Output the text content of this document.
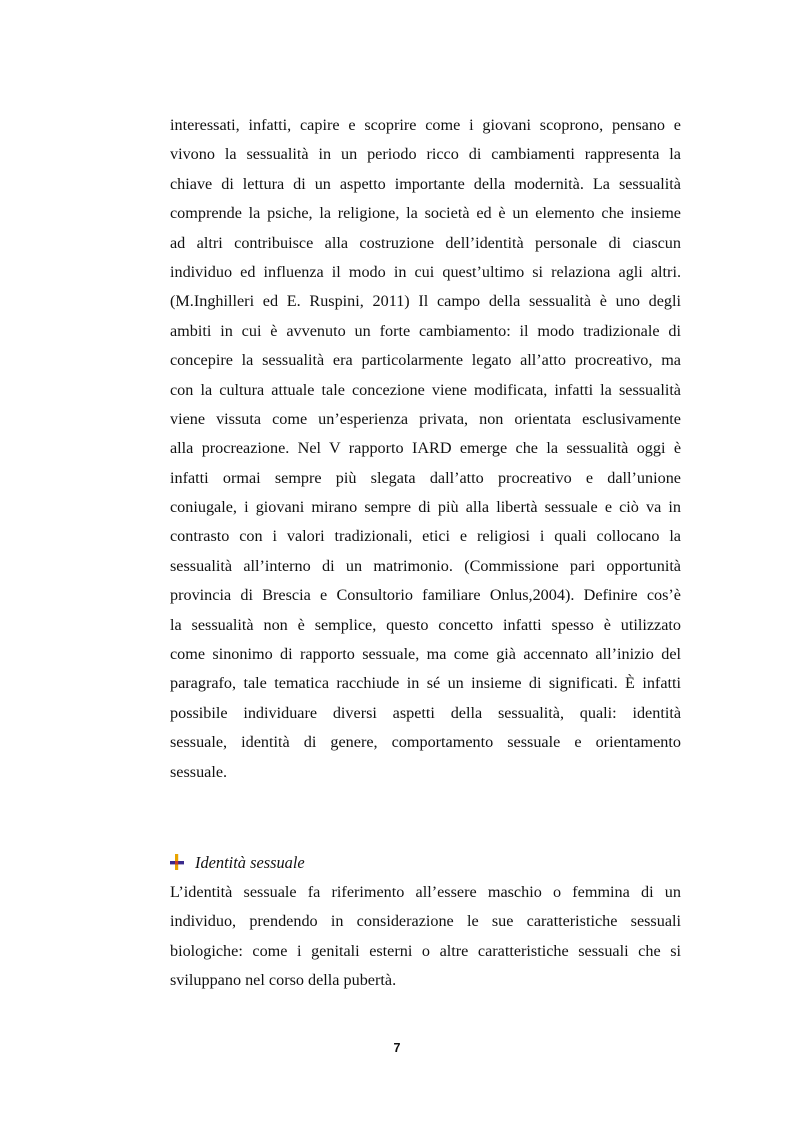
interessati, infatti, capire e scoprire come i giovani scoprono, pensano e
vivono la sessualità in un periodo ricco di cambiamenti rappresenta la
chiave di lettura di un aspetto importante della modernità. La sessualità
comprende la psiche, la religione, la società ed è un elemento che insieme
ad altri contribuisce alla costruzione dell’identità personale di ciascun
individuo ed influenza il modo in cui quest’ultimo si relaziona agli altri.
(M.Inghilleri ed E. Ruspini, 2011) Il campo della sessualità è uno degli
ambiti in cui è avvenuto un forte cambiamento: il modo tradizionale di
concepire la sessualità era particolarmente legato all’atto procreativo, ma
con la cultura attuale tale concezione viene modificata, infatti la sessualità
viene vissuta come un’esperienza privata, non orientata esclusivamente
alla procreazione. Nel V rapporto IARD emerge che la sessualità oggi è
infatti ormai sempre più slegata dall’atto procreativo e dall’unione
coniugale, i giovani mirano sempre di più alla libertà sessuale e ciò va in
contrasto con i valori tradizionali, etici e religiosi i quali collocano la
sessualità all’interno di un matrimonio. (Commissione pari opportunità
provincia di Brescia e Consultorio familiare Onlus,2004). Definire cos’è
la sessualità non è semplice, questo concetto infatti spesso è utilizzato
come sinonimo di rapporto sessuale, ma come già accennato all’inizio del
paragrafo, tale tematica racchiude in sé un insieme di significati. È infatti
possibile individuare diversi aspetti della sessualità, quali: identità
sessuale, identità di genere, comportamento sessuale e orientamento
sessuale.
Identità sessuale
L’identità sessuale fa riferimento all’essere maschio o femmina di un
individuo, prendendo in considerazione le sue caratteristiche sessuali
biologiche: come i genitali esterni o altre caratteristiche sessuali che si
sviluppano nel corso della pubertà.
7
